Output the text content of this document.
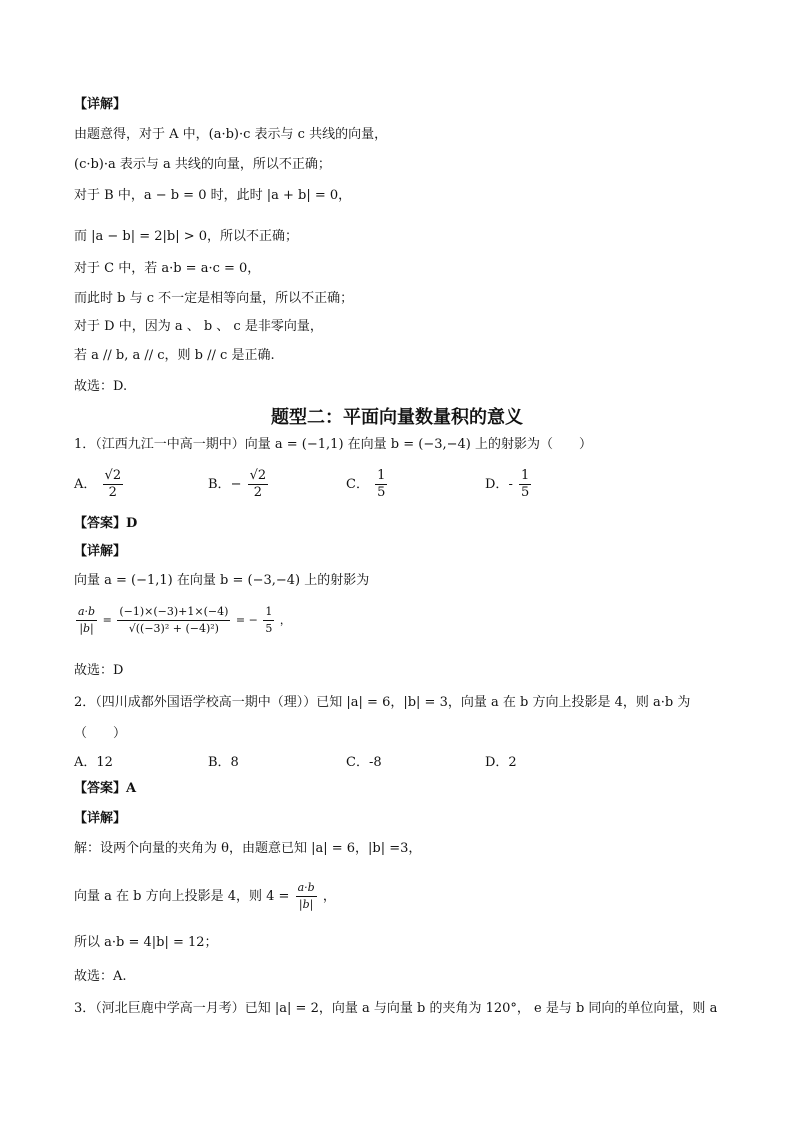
【详解】
由题意得，对于 A 中，(a·b)·c 表示与 c 共线的向量，
(c·b)·a 表示与 a 共线的向量，所以不正确；
对于 B 中，a − b = 0 时，此时 |a + b| = 0，
而 |a − b| = 2|b| > 0，所以不正确；
对于 C 中，若 a·b = a·c = 0，
而此时 b 与 c 不一定是相等向量，所以不正确；
对于 D 中，因为 a 、 b 、 c 是非零向量，
若 a // b, a // c，则 b // c 是正确.
故选：D.
题型二：平面向量数量积的意义
1．（江西九江一中高一期中）向量 a = (−1,1) 在向量 b = (−3,−4) 上的射影为（　　）
A． $\frac{√2}{2}$	B．− $\frac{√2}{2}$	C． $\frac{1}{5}$	D．- $\frac{1}{5}$
【答案】D
【详解】
向量 a = (−1,1) 在向量 b = (−3,−4) 上的射影为
$\frac{a\cdot b}{|b|} = \frac{(-1)\times(-3)+1\times(-4)}{\text{√((−3)² + (−4)²)}}$ = − $\frac{1}{5}$ ，
故选：D
2．（四川成都外国语学校高一期中（理））已知 |a| = 6，|b| = 3，向量 a 在 b 方向上投影是 4，则 a·b 为
（　　）
A．12	B．8	C．-8	D．2
【答案】A
【详解】
解：设两个向量的夹角为 θ，由题意已知 |a| = 6，|b| =3，
向量 a 在 b 方向上投影是 4，则 $4 = \frac{a\cdot b}{|b|}$ ，
所以 a·b = 4|b| = 12；
故选：A.
3．（河北巨鹿中学高一月考）已知 |a| = 2，向量 a 与向量 b 的夹角为 120°， e 是与 b 同向的单位向量，则 a
